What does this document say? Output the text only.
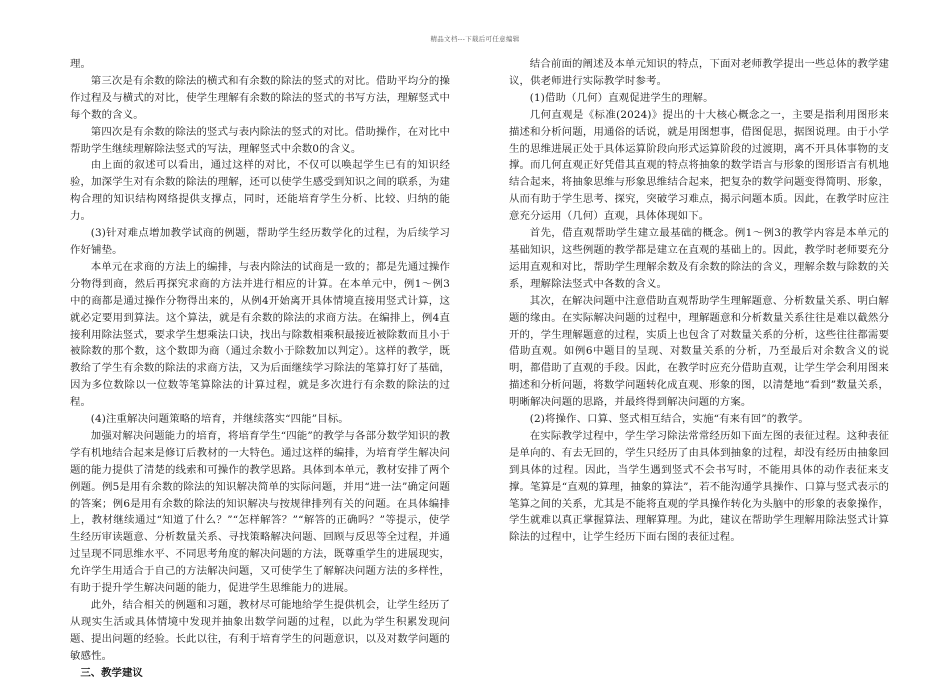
精品文档---下载后可任意编辑

理。

第三次是有余数的除法的横式和有余数的除法的竖式的对比。借助平均分的操作过程及与横式的对比，使学生理解有余数的除法的竖式的书写方法，理解竖式中每个数的含义。

第四次是有余数的除法的竖式与表内除法的竖式的对比。借助操作，在对比中帮助学生继续理解除法竖式的写法，理解竖式中余数0的含义。

由上面的叙述可以看出，通过这样的对比，不仅可以唤起学生已有的知识经验，加深学生对有余数的除法的理解，还可以使学生感受到知识之间的联系，为建构合理的知识结构网络提供支撑点，同时，还能培育学生分析、比较、归纳的能力。

(3)针对难点增加教学试商的例题，帮助学生经历数学化的过程，为后续学习作好铺垫。

本单元在求商的方法上的编排，与表内除法的试商是一致的；都是先通过操作分物得到商，然后再探究求商的方法并进行相应的计算。在本单元中，例1～例3中的商都是通过操作分物得出来的，从例4开始离开具体情境直接用竖式计算，这就必定要用到算法。这个算法，就是有余数的除法的求商方法。在编排上，例4直接利用除法竖式，要求学生想乘法口诀，找出与除数相乘积最接近被除数而且小于被除数的那个数，这个数即为商（通过余数小于除数加以判定）。这样的教学，既教给了学生有余数的除法的求商方法，又为后面继续学习除法的笔算打好了基础，因为多位数除以一位数等笔算除法的计算过程，就是多次进行有余数的除法的过程。

(4)注重解决问题策略的培育，并继续落实“四能”目标。

加强对解决问题能力的培育，将培育学生“四能”的教学与各部分数学知识的教学有机地结合起来是修订后教材的一大特色。通过这样的编排，为培育学生解决问题的能力提供了清楚的线索和可操作的教学思路。具体到本单元，教材安排了两个例题。例5是用有余数的除法的知识解决简单的实际问题，并用“进一法”确定问题的答案；例6是用有余数的除法的知识解决与按规律排列有关的问题。在具体编排上，教材继续通过“知道了什么？”“怎样解答？”“解答的正确吗？”等提示，使学生经历审读题意、分析数量关系、寻找策略解决问题、回顾与反思等全过程，并通过呈现不同思维水平、不同思考角度的解决问题的方法，既尊重学生的进展现实，允许学生用适合于自己的方法解决问题，又可使学生了解解决问题方法的多样性，有助于提升学生解决问题的能力，促进学生思维能力的进展。

此外，结合相关的例题和习题，教材尽可能地给学生提供机会，让学生经历了从现实生活或具体情境中发现并抽象出数学问题的过程，以此为学生积累发现问题、提出问题的经验。长此以往，有利于培育学生的问题意识，以及对数学问题的敏感性。

三、教学建议

结合前面的阐述及本单元知识的特点，下面对老师教学提出一些总体的教学建议，供老师进行实际教学时参考。

(1)借助（几何）直观促进学生的理解。

几何直观是《标准(2024)》提出的十大核心概念之一，主要是指利用图形来描述和分析问题，用通俗的话说，就是用图想事，借图促思，据图说理。由于小学生的思维进展正处于具体运算阶段向形式运算阶段的过渡期，离不开具体事物的支撑。而几何直观正好凭借其直观的特点将抽象的数学语言与形象的图形语言有机地结合起来，将抽象思维与形象思维结合起来，把复杂的数学问题变得简明、形象，从而有助于学生思考、探究，突破学习难点，揭示问题本质。因此，在教学时应注意充分运用（几何）直观，具体体现如下。

首先，借直观帮助学生建立最基础的概念。例1～例3的教学内容是本单元的基础知识，这些例题的教学都是建立在直观的基础上的。因此，教学时老师要充分运用直观和对比，帮助学生理解余数及有余数的除法的含义，理解余数与除数的关系，理解除法竖式中各数的含义。

其次，在解决问题中注意借助直观帮助学生理解题意、分析数量关系、明白解题的缘由。在实际解决问题的过程中，理解题意和分析数量关系往往是难以截然分开的，学生理解题意的过程，实质上也包含了对数量关系的分析，这些往往都需要借助直观。如例6中题目的呈现、对数量关系的分析，乃至最后对余数含义的说明，都借助了直观的手段。因此，在教学时应充分借助直观，让学生学会利用图来描述和分析问题，将数学问题转化成直观、形象的图，以清楚地“看到”数量关系，明晰解决问题的思路，并最终得到解决问题的方案。

(2)将操作、口算、竖式相互结合，实施“有来有回”的教学。

在实际教学过程中，学生学习除法常常经历如下面左图的表征过程。这种表征是单向的、有去无回的，学生只经历了由具体到抽象的过程，却没有经历由抽象回到具体的过程。因此，当学生遇到竖式不会书写时，不能用具体的动作表征来支撑。笔算是“直观的算理，抽象的算法”，若不能沟通学具操作、口算与竖式表示的笔算之间的关系，尤其是不能将直观的学具操作转化为头脑中的形象的表象操作，学生就难以真正掌握算法、理解算理。为此，建议在帮助学生理解用除法竖式计算除法的过程中，让学生经历下面右图的表征过程。
